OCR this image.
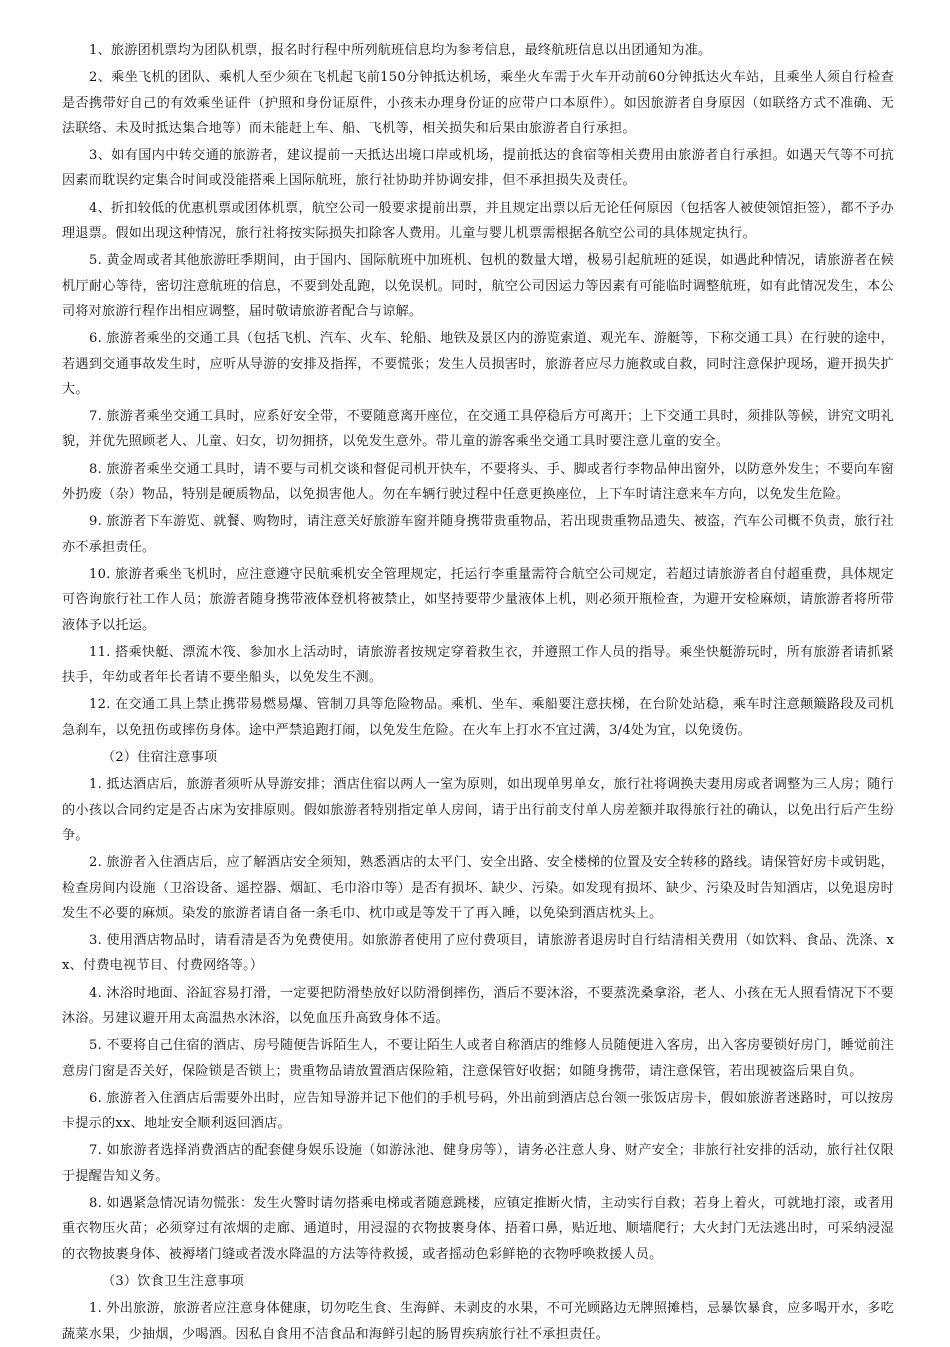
1、旅游团机票均为团队机票，报名时行程中所列航班信息均为参考信息，最终航班信息以出团通知为准。

2、乘坐飞机的团队、乘机人至少须在飞机起飞前150分钟抵达机场，乘坐火车需于火车开动前60分钟抵达火车站，且乘坐人须自行检查是否携带好自己的有效乘坐证件（护照和身份证原件，小孩未办理身份证的应带户口本原件）。如因旅游者自身原因（如联络方式不准确、无法联络、未及时抵达集合地等）而未能赶上车、船、飞机等，相关损失和后果由旅游者自行承担。

3、如有国内中转交通的旅游者，建议提前一天抵达出境口岸或机场，提前抵达的食宿等相关费用由旅游者自行承担。如遇天气等不可抗因素而耽误约定集合时间或没能搭乘上国际航班，旅行社协助并协调安排，但不承担损失及责任。

4、折扣较低的优惠机票或团体机票，航空公司一般要求提前出票，并且规定出票以后无论任何原因（包括客人被使领馆拒签），都不予办理退票。假如出现这种情况，旅行社将按实际损失扣除客人费用。儿童与婴儿机票需根据各航空公司的具体规定执行。

5. 黄金周或者其他旅游旺季期间，由于国内、国际航班中加班机、包机的数量大增，极易引起航班的延误，如遇此种情况，请旅游者在候机厅耐心等待，密切注意航班的信息，不要到处乱跑，以免误机。同时，航空公司因运力等因素有可能临时调整航班，如有此情况发生，本公司将对旅游行程作出相应调整，届时敬请旅游者配合与谅解。

6. 旅游者乘坐的交通工具（包括飞机、汽车、火车、轮船、地铁及景区内的游览索道、观光车、游艇等，下称交通工具）在行驶的途中，若遇到交通事故发生时，应听从导游的安排及指挥，不要慌张；发生人员损害时，旅游者应尽力施救或自救，同时注意保护现场，避开损失扩大。

7. 旅游者乘坐交通工具时，应系好安全带，不要随意离开座位，在交通工具停稳后方可离开；上下交通工具时，须排队等候，讲究文明礼貌，并优先照顾老人、儿童、妇女，切勿拥挤，以免发生意外。带儿童的游客乘坐交通工具时要注意儿童的安全。

8. 旅游者乘坐交通工具时，请不要与司机交谈和督促司机开快车，不要将头、手、脚或者行李物品伸出窗外，以防意外发生；不要向车窗外扔废（杂）物品，特别是硬质物品，以免损害他人。勿在车辆行驶过程中任意更换座位，上下车时请注意来车方向，以免发生危险。

9. 旅游者下车游览、就餐、购物时，请注意关好旅游车窗并随身携带贵重物品，若出现贵重物品遗失、被盗，汽车公司概不负责，旅行社亦不承担责任。

10. 旅游者乘坐飞机时，应注意遵守民航乘机安全管理规定，托运行李重量需符合航空公司规定，若超过请旅游者自付超重费，具体规定可咨询旅行社工作人员；旅游者随身携带液体登机将被禁止，如坚持要带少量液体上机，则必须开瓶检查，为避开安检麻烦，请旅游者将所带液体予以托运。

11. 搭乘快艇、漂流木筏、参加水上活动时，请旅游者按规定穿着救生衣，并遵照工作人员的指导。乘坐快艇游玩时，所有旅游者请抓紧扶手，年幼或者年长者请不要坐船头，以免发生不测。

12. 在交通工具上禁止携带易燃易爆、管制刀具等危险物品。乘机、坐车、乘船要注意扶梯，在台阶处站稳，乘车时注意颠簸路段及司机急刹车，以免扭伤或摔伤身体。途中严禁追跑打闹，以免发生危险。在火车上打水不宜过满，3/4处为宜，以免烫伤。

（2）住宿注意事项

1. 抵达酒店后，旅游者须听从导游安排；酒店住宿以两人一室为原则，如出现单男单女，旅行社将调换夫妻用房或者调整为三人房；随行的小孩以合同约定是否占床为安排原则。假如旅游者特别指定单人房间，请于出行前支付单人房差额并取得旅行社的确认，以免出行后产生纷争。

2. 旅游者入住酒店后，应了解酒店安全须知，熟悉酒店的太平门、安全出路、安全楼梯的位置及安全转移的路线。请保管好房卡或钥匙，检查房间内设施（卫浴设备、遥控器、烟缸、毛巾浴巾等）是否有损坏、缺少、污染。如发现有损坏、缺少、污染及时告知酒店，以免退房时发生不必要的麻烦。染发的旅游者请自备一条毛巾、枕巾或是等发干了再入睡，以免染到酒店枕头上。

3. 使用酒店物品时，请看清是否为免费使用。如旅游者使用了应付费项目，请旅游者退房时自行结清相关费用（如饮料、食品、洗涤、xx、付费电视节目、付费网络等。）

4. 沐浴时地面、浴缸容易打滑，一定要把防滑垫放好以防滑倒摔伤，酒后不要沐浴，不要蒸洗桑拿浴，老人、小孩在无人照看情况下不要沐浴。另建议避开用太高温热水沐浴，以免血压升高致身体不适。

5. 不要将自己住宿的酒店、房号随便告诉陌生人，不要让陌生人或者自称酒店的维修人员随便进入客房，出入客房要锁好房门，睡觉前注意房门窗是否关好，保险锁是否锁上；贵重物品请放置酒店保险箱，注意保管好收据；如随身携带，请注意保管，若出现被盗后果自负。

6. 旅游者入住酒店后需要外出时，应告知导游并记下他们的手机号码，外出前到酒店总台领一张饭店房卡，假如旅游者迷路时，可以按房卡提示的xx、地址安全顺利返回酒店。

7. 如旅游者选择消费酒店的配套健身娱乐设施（如游泳池、健身房等），请务必注意人身、财产安全；非旅行社安排的活动，旅行社仅限于提醒告知义务。

8. 如遇紧急情况请勿慌张：发生火警时请勿搭乘电梯或者随意跳楼，应镇定推断火情，主动实行自救；若身上着火，可就地打滚，或者用重衣物压火苗；必须穿过有浓烟的走廊、通道时，用浸湿的衣物披裹身体、捂着口鼻，贴近地、顺墙爬行；大火封门无法逃出时，可采纳浸湿的衣物披裹身体、被褥堵门缝或者泼水降温的方法等待救援，或者摇动色彩鲜艳的衣物呼唤救援人员。

（3）饮食卫生注意事项

1. 外出旅游，旅游者应注意身体健康，切勿吃生食、生海鲜、未剥皮的水果，不可光顾路边无牌照摊档，忌暴饮暴食，应多喝开水，多吃蔬菜水果，少抽烟，少喝酒。因私自食用不洁食品和海鲜引起的肠胃疾病旅行社不承担责任。
